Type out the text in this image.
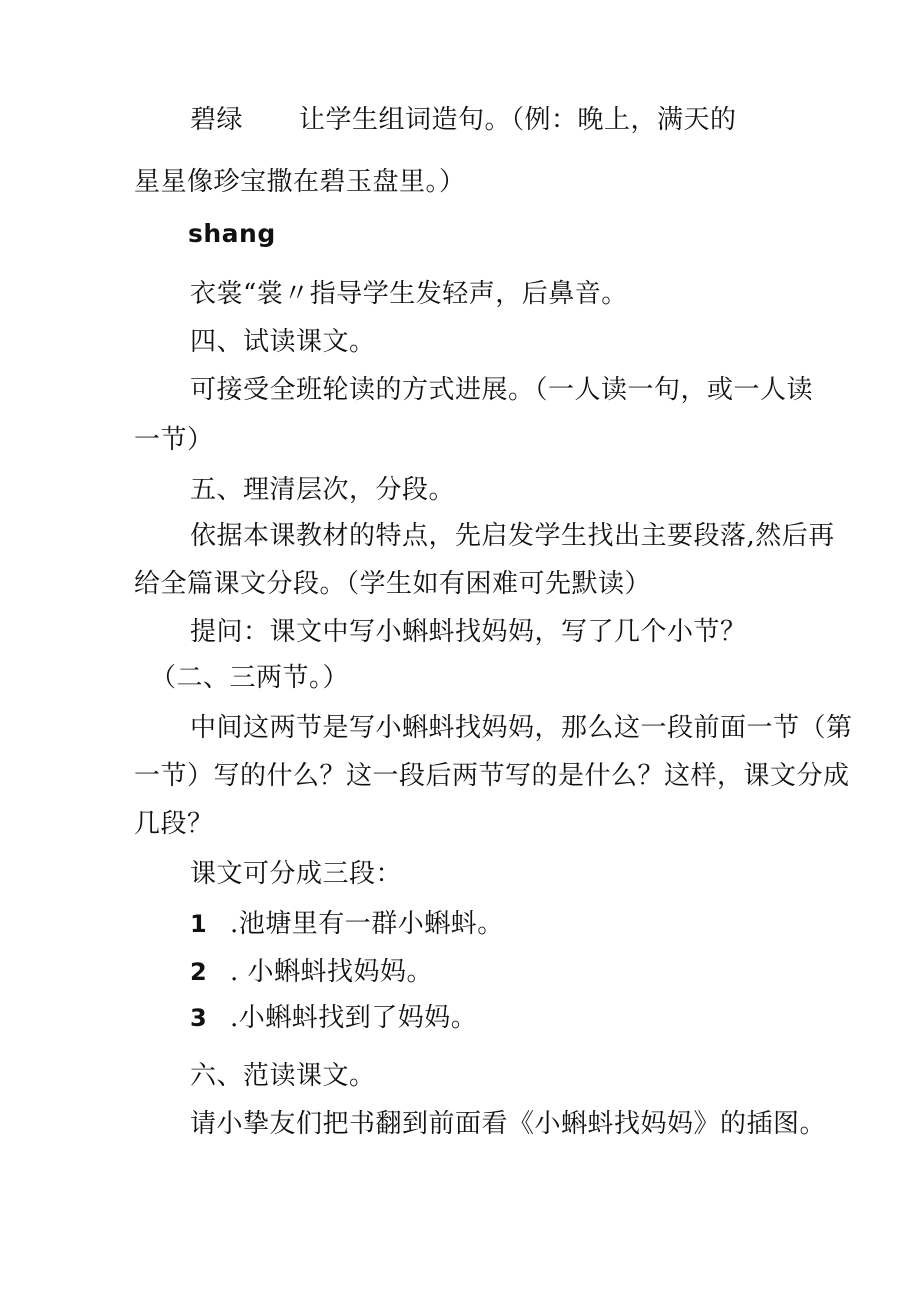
碧绿 让学生组词造句。（例：晚上，满天的

星星像珍宝撒在碧玉盘里。）

shang

衣裳“裳〃指导学生发轻声，后鼻音。

四、试读课文。

可接受全班轮读的方式进展。（一人读一句，或一人读

一节）

五、理清层次，分段。

依据本课教材的特点，先启发学生找出主要段落,然后再

给全篇课文分段。（学生如有困难可先默读）

提问：课文中写小蝌蚪找妈妈，写了几个小节？

（二、三两节。）

中间这两节是写小蝌蚪找妈妈，那么这一段前面一节（第

一节）写的什么？这一段后两节写的是什么？这样，课文分成

几段？

课文可分成三段：

1 .池塘里有一群小蝌蚪。

2 . 小蝌蚪找妈妈。

3 .小蝌蚪找到了妈妈。

六、范读课文。

请小挚友们把书翻到前面看《小蝌蚪找妈妈》的插图。
